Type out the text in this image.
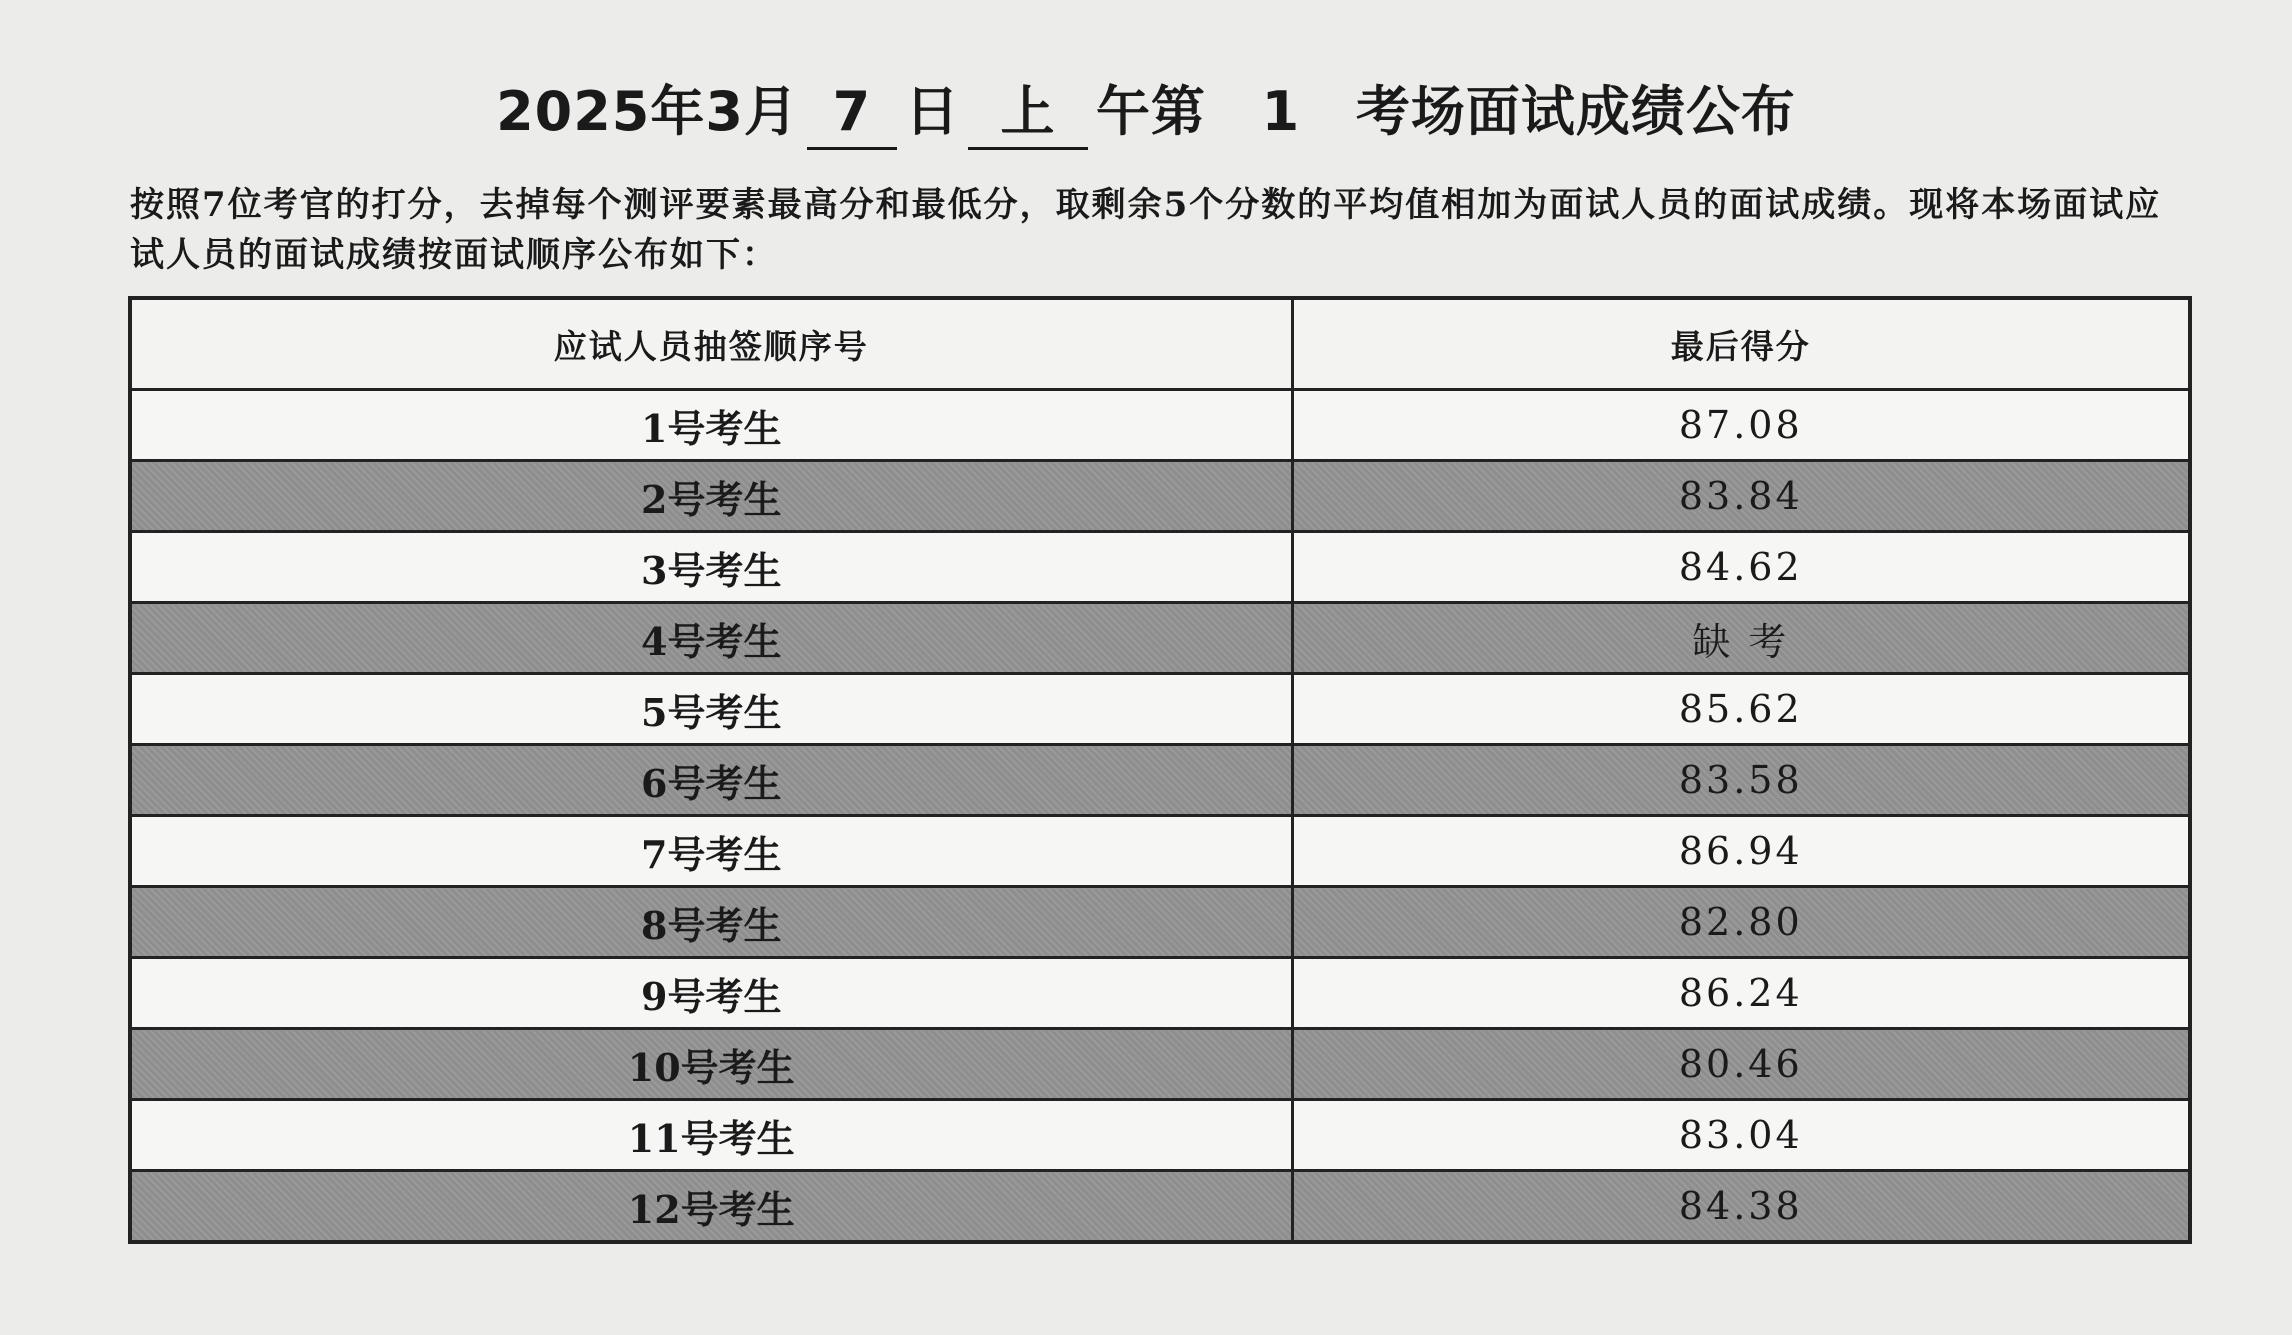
2025年3月 7 日 上 午第 1 考场面试成绩公布

按照7位考官的打分，去掉每个测评要素最高分和最低分，取剩余5个分数的平均值相加为面试人员的面试成绩。现将本场面试应试人员的面试成绩按面试顺序公布如下：

应试人员抽签顺序号	最后得分
1号考生	87.08
2号考生	83.84
3号考生	84.62
4号考生	缺 考
5号考生	85.62
6号考生	83.58
7号考生	86.94
8号考生	82.80
9号考生	86.24
10号考生	80.46
11号考生	83.04
12号考生	84.38
